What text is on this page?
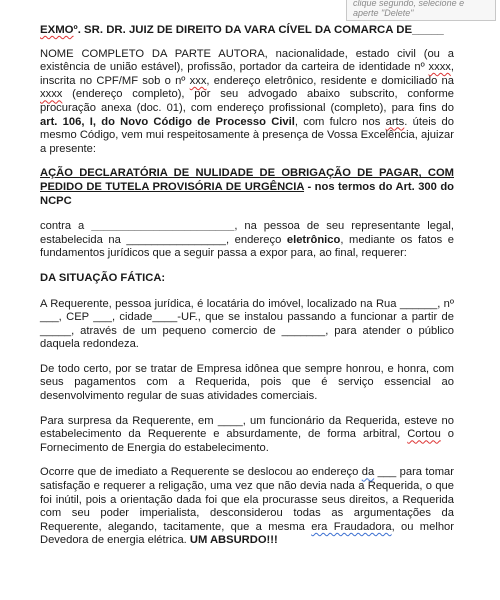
clique segundo, selecione e
aperte "Delete"

EXMOº. SR. DR. JUIZ DE DIREITO DA VARA CÍVEL DA COMARCA DE_____

NOME COMPLETO DA PARTE AUTORA, nacionalidade, estado civil (ou a existência de união estável), profissão, portador da carteira de identidade nº xxxx, inscrita no CPF/MF sob o nº xxx, endereço eletrônico, residente e domiciliado na xxxx (endereço completo), por seu advogado abaixo subscrito, conforme procuração anexa (doc. 01), com endereço profissional (completo), para fins do art. 106, I, do Novo Código de Processo Civil, com fulcro nos arts. úteis do mesmo Código, vem mui respeitosamente à presença de Vossa Excelência, ajuizar a presente:

AÇÃO DECLARATÓRIA DE NULIDADE DE OBRIGAÇÃO DE PAGAR, COM PEDIDO DE TUTELA PROVISÓRIA DE URGÊNCIA - nos termos do Art. 300 do NCPC

contra a _______________________, na pessoa de seu representante legal, estabelecida na ________________, endereço eletrônico, mediante os fatos e fundamentos jurídicos que a seguir passa a expor para, ao final, requerer:

DA SITUAÇÃO FÁTICA:

A Requerente, pessoa jurídica, é locatária do imóvel, localizado na Rua ______, nº ___, CEP ___, cidade____-UF., que se instalou passando a funcionar a partir de _____, através de um pequeno comercio de _______, para atender o público daquela redondeza.

De todo certo, por se tratar de Empresa idônea que sempre honrou, e honra, com seus pagamentos com a Requerida, pois que é serviço essencial ao desenvolvimento regular de suas atividades comerciais.

Para surpresa da Requerente, em ____, um funcionário da Requerida, esteve no estabelecimento da Requerente e absurdamente, de forma arbitral, Cortou o Fornecimento de Energia do estabelecimento.

Ocorre que de imediato a Requerente se deslocou ao endereço da ___ para tomar satisfação e requerer a religação, uma vez que não devia nada a Requerida, o que foi inútil, pois a orientação dada foi que ela procurasse seus direitos, a Requerida com seu poder imperialista, desconsiderou todas as argumentações da Requerente, alegando, tacitamente, que a mesma era Fraudadora, ou melhor Devedora de energia elétrica. UM ABSURDO!!!
